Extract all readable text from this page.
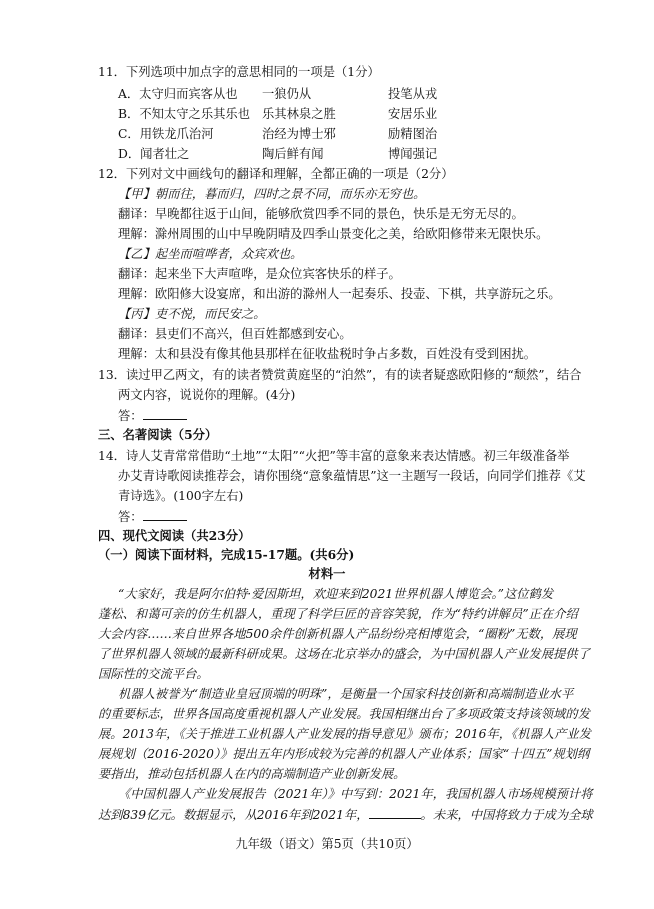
11．下列选项中加点字的意思相同的一项是（1分）
A．太守归而宾客从也 一狼仍从	投笔从戎
B．不知太守之乐其乐也 乐其林泉之胜	安居乐业
C．用铁龙爪治河	治经为博士邪	励精图治
D．闻者壮之	陶后鲜有闻	博闻强记
12．下列对文中画线句的翻译和理解，全都正确的一项是（2分）
【甲】朝而往，暮而归，四时之景不同，而乐亦无穷也。
翻译：早晚都往返于山间，能够欣赏四季不同的景色，快乐是无穷无尽的。
理解：滁州周围的山中早晚阴晴及四季山景变化之美，给欧阳修带来无限快乐。
【乙】起坐而喧哗者，众宾欢也。
翻译：起来坐下大声喧哗，是众位宾客快乐的样子。
理解：欧阳修大设宴席，和出游的滁州人一起奏乐、投壶、下棋，共享游玩之乐。
【丙】吏不悦，而民安之。
翻译：县吏们不高兴，但百姓都感到安心。
理解：太和县没有像其他县那样在征收盐税时争占多数，百姓没有受到困扰。
13．读过甲乙两文，有的读者赞赏黄庭坚的“泊然”，有的读者疑惑欧阳修的“颓然”，结合
两文内容，说说你的理解。(4分)
答：
三、名著阅读（5分）
14．诗人艾青常常借助“土地”“太阳”“火把”等丰富的意象来表达情感。初三年级准备举
办艾青诗歌阅读推荐会，请你围绕“意象蕴情思”这一主题写一段话，向同学们推荐《艾
青诗选》。(100字左右)
答：
四、现代文阅读（共23分）
（一）阅读下面材料，完成15-17题。(共6分)
材料一
“大家好，我是阿尔伯特·爱因斯坦，欢迎来到2021世界机器人博览会。”这位鹤发
蓬松、和蔼可亲的仿生机器人，重现了科学巨匠的音容笑貌，作为“特约讲解员”正在介绍
大会内容……来自世界各地500余件创新机器人产品纷纷亮相博览会，“圈粉”无数，展现
了世界机器人领域的最新科研成果。这场在北京举办的盛会，为中国机器人产业发展提供了
国际性的交流平台。
机器人被誉为“制造业皇冠顶端的明珠”，是衡量一个国家科技创新和高端制造业水平
的重要标志，世界各国高度重视机器人产业发展。我国相继出台了多项政策支持该领域的发
展。2013年，《关于推进工业机器人产业发展的指导意见》颁布；2016年，《机器人产业发
展规划（2016-2020）》提出五年内形成较为完善的机器人产业体系；国家“十四五”规划纲
要指出，推动包括机器人在内的高端制造产业创新发展。
《中国机器人产业发展报告（2021年）》中写到：2021年，我国机器人市场规模预计将
达到839亿元。数据显示，从2016年到2021年，	。未来，中国将致力于成为全球
九年级（语文）第5页（共10页）
